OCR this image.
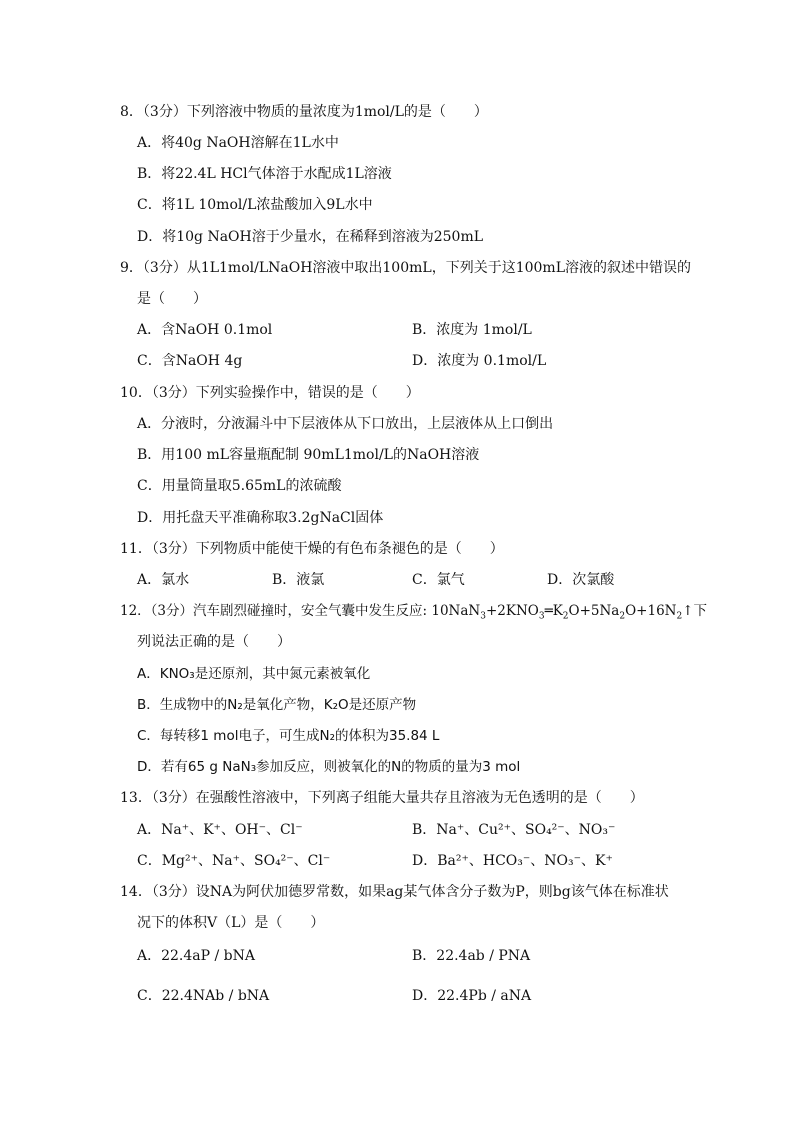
8．（3分）下列溶液中物质的量浓度为1mol/L的是（　　）
A．将40g NaOH溶解在1L水中
B．将22.4L HCl气体溶于水配成1L溶液
C．将1L 10mol/L浓盐酸加入9L水中
D．将10g NaOH溶于少量水，在稀释到溶液为250mL
9．（3分）从1L1mol/LNaOH溶液中取出100mL，下列关于这100mL溶液的叙述中错误的
是（　　）
A．含NaOH 0.1mol	B．浓度为 1mol/L
C．含NaOH 4g	D．浓度为 0.1mol/L
10．（3分）下列实验操作中，错误的是（　　）
A．分液时，分液漏斗中下层液体从下口放出，上层液体从上口倒出
B．用100 mL容量瓶配制 90mL1mol/L的NaOH溶液
C．用量筒量取5.65mL的浓硫酸
D．用托盘天平准确称取3.2gNaCl固体
11．（3分）下列物质中能使干燥的有色布条褪色的是（　　）
A．氯水	B．液氯	C．氯气	D．次氯酸
12．（3分）汽车剧烈碰撞时，安全气囊中发生反应: $10NaN_3+2KNO_3═K_2O+5Na_2O+16N_2↑$下
列说法正确的是（　　）
A．KNO₃是还原剂，其中氮元素被氧化
B．生成物中的N₂是氧化产物，K₂O是还原产物
C．每转移1 mol电子，可生成N₂的体积为35.84 L
D．若有65 g NaN₃参加反应，则被氧化的N的物质的量为3 mol
13．（3分）在强酸性溶液中，下列离子组能大量共存且溶液为无色透明的是（　　）
A．Na⁺、K⁺、OH⁻、Cl⁻	B．Na⁺、Cu²⁺、SO₄²⁻、NO₃⁻
C．Mg²⁺、Na⁺、SO₄²⁻、Cl⁻	D．Ba²⁺、HCO₃⁻、NO₃⁻、K⁺
14．（3分）设NA为阿伏加德罗常数，如果ag某气体含分子数为P，则bg该气体在标准状
况下的体积V（L）是（　　）
A．22.4aP / bNA	B．22.4ab / PNA
C．22.4NAb / bNA	D．22.4Pb / aNA
